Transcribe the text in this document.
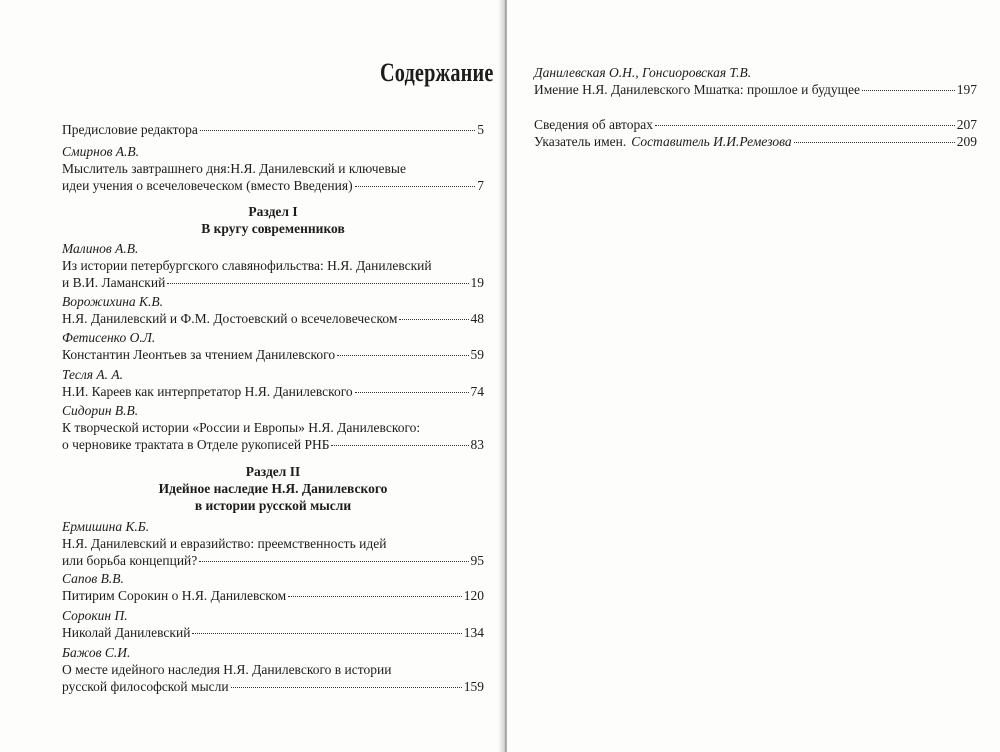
Содержание
Предисловие редактора	5
Смирнов А.В.
Мыслитель завтрашнего дня:Н.Я. Данилевский и ключевые
идеи учения о всечеловеческом (вместо Введения)	7
Раздел I
В кругу современников
Малинов А.В.
Из истории петербургского славянофильства: Н.Я. Данилевский
и В.И. Ламанский	19
Ворожихина К.В.
Н.Я. Данилевский и Ф.М. Достоевский о всечеловеческом	48
Фетисенко О.Л.
Константин Леонтьев за чтением Данилевского	59
Тесля А. А.
Н.И. Кареев как интерпретатор Н.Я. Данилевского	74
Сидорин В.В.
К творческой истории «России и Европы» Н.Я. Данилевского:
о черновике трактата в Отделе рукописей РНБ	83
Раздел II
Идейное наследие Н.Я. Данилевского
в истории русской мысли
Ермишина К.Б.
Н.Я. Данилевский и евразийство: преемственность идей
или борьба концепций?	95
Сапов В.В.
Питирим Сорокин о Н.Я. Данилевском	120
Сорокин П.
Николай Данилевский	134
Бажов С.И.
О месте идейного наследия Н.Я. Данилевского в истории
русской философской мысли	159
Данилевская О.Н., Гонсиоровская Т.В.
Имение Н.Я. Данилевского Мшатка: прошлое и будущее	197
Сведения об авторах	207
Указатель имен. Составитель И.И.Ремезова	209
